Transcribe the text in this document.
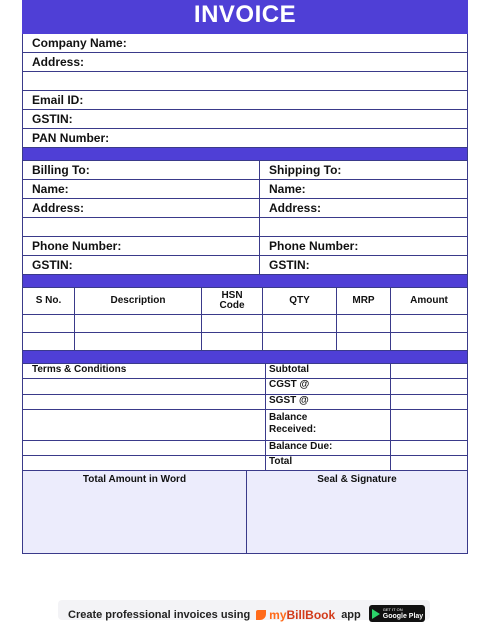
INVOICE
Company Name:
Address:
Email ID:
GSTIN:
PAN Number:
Billing To:	Shipping To:
Name:	Name:
Address:	Address:
Phone Number:	Phone Number:
GSTIN:	GSTIN:
S No.	Description	HSN Code	QTY	MRP	Amount
Terms & Conditions	Subtotal
CGST @
SGST @
Balance Received:
Balance Due:
Total
Total Amount in Word	Seal & Signature
Create professional invoices using myBillBook app	GET IT ON
Google Play
